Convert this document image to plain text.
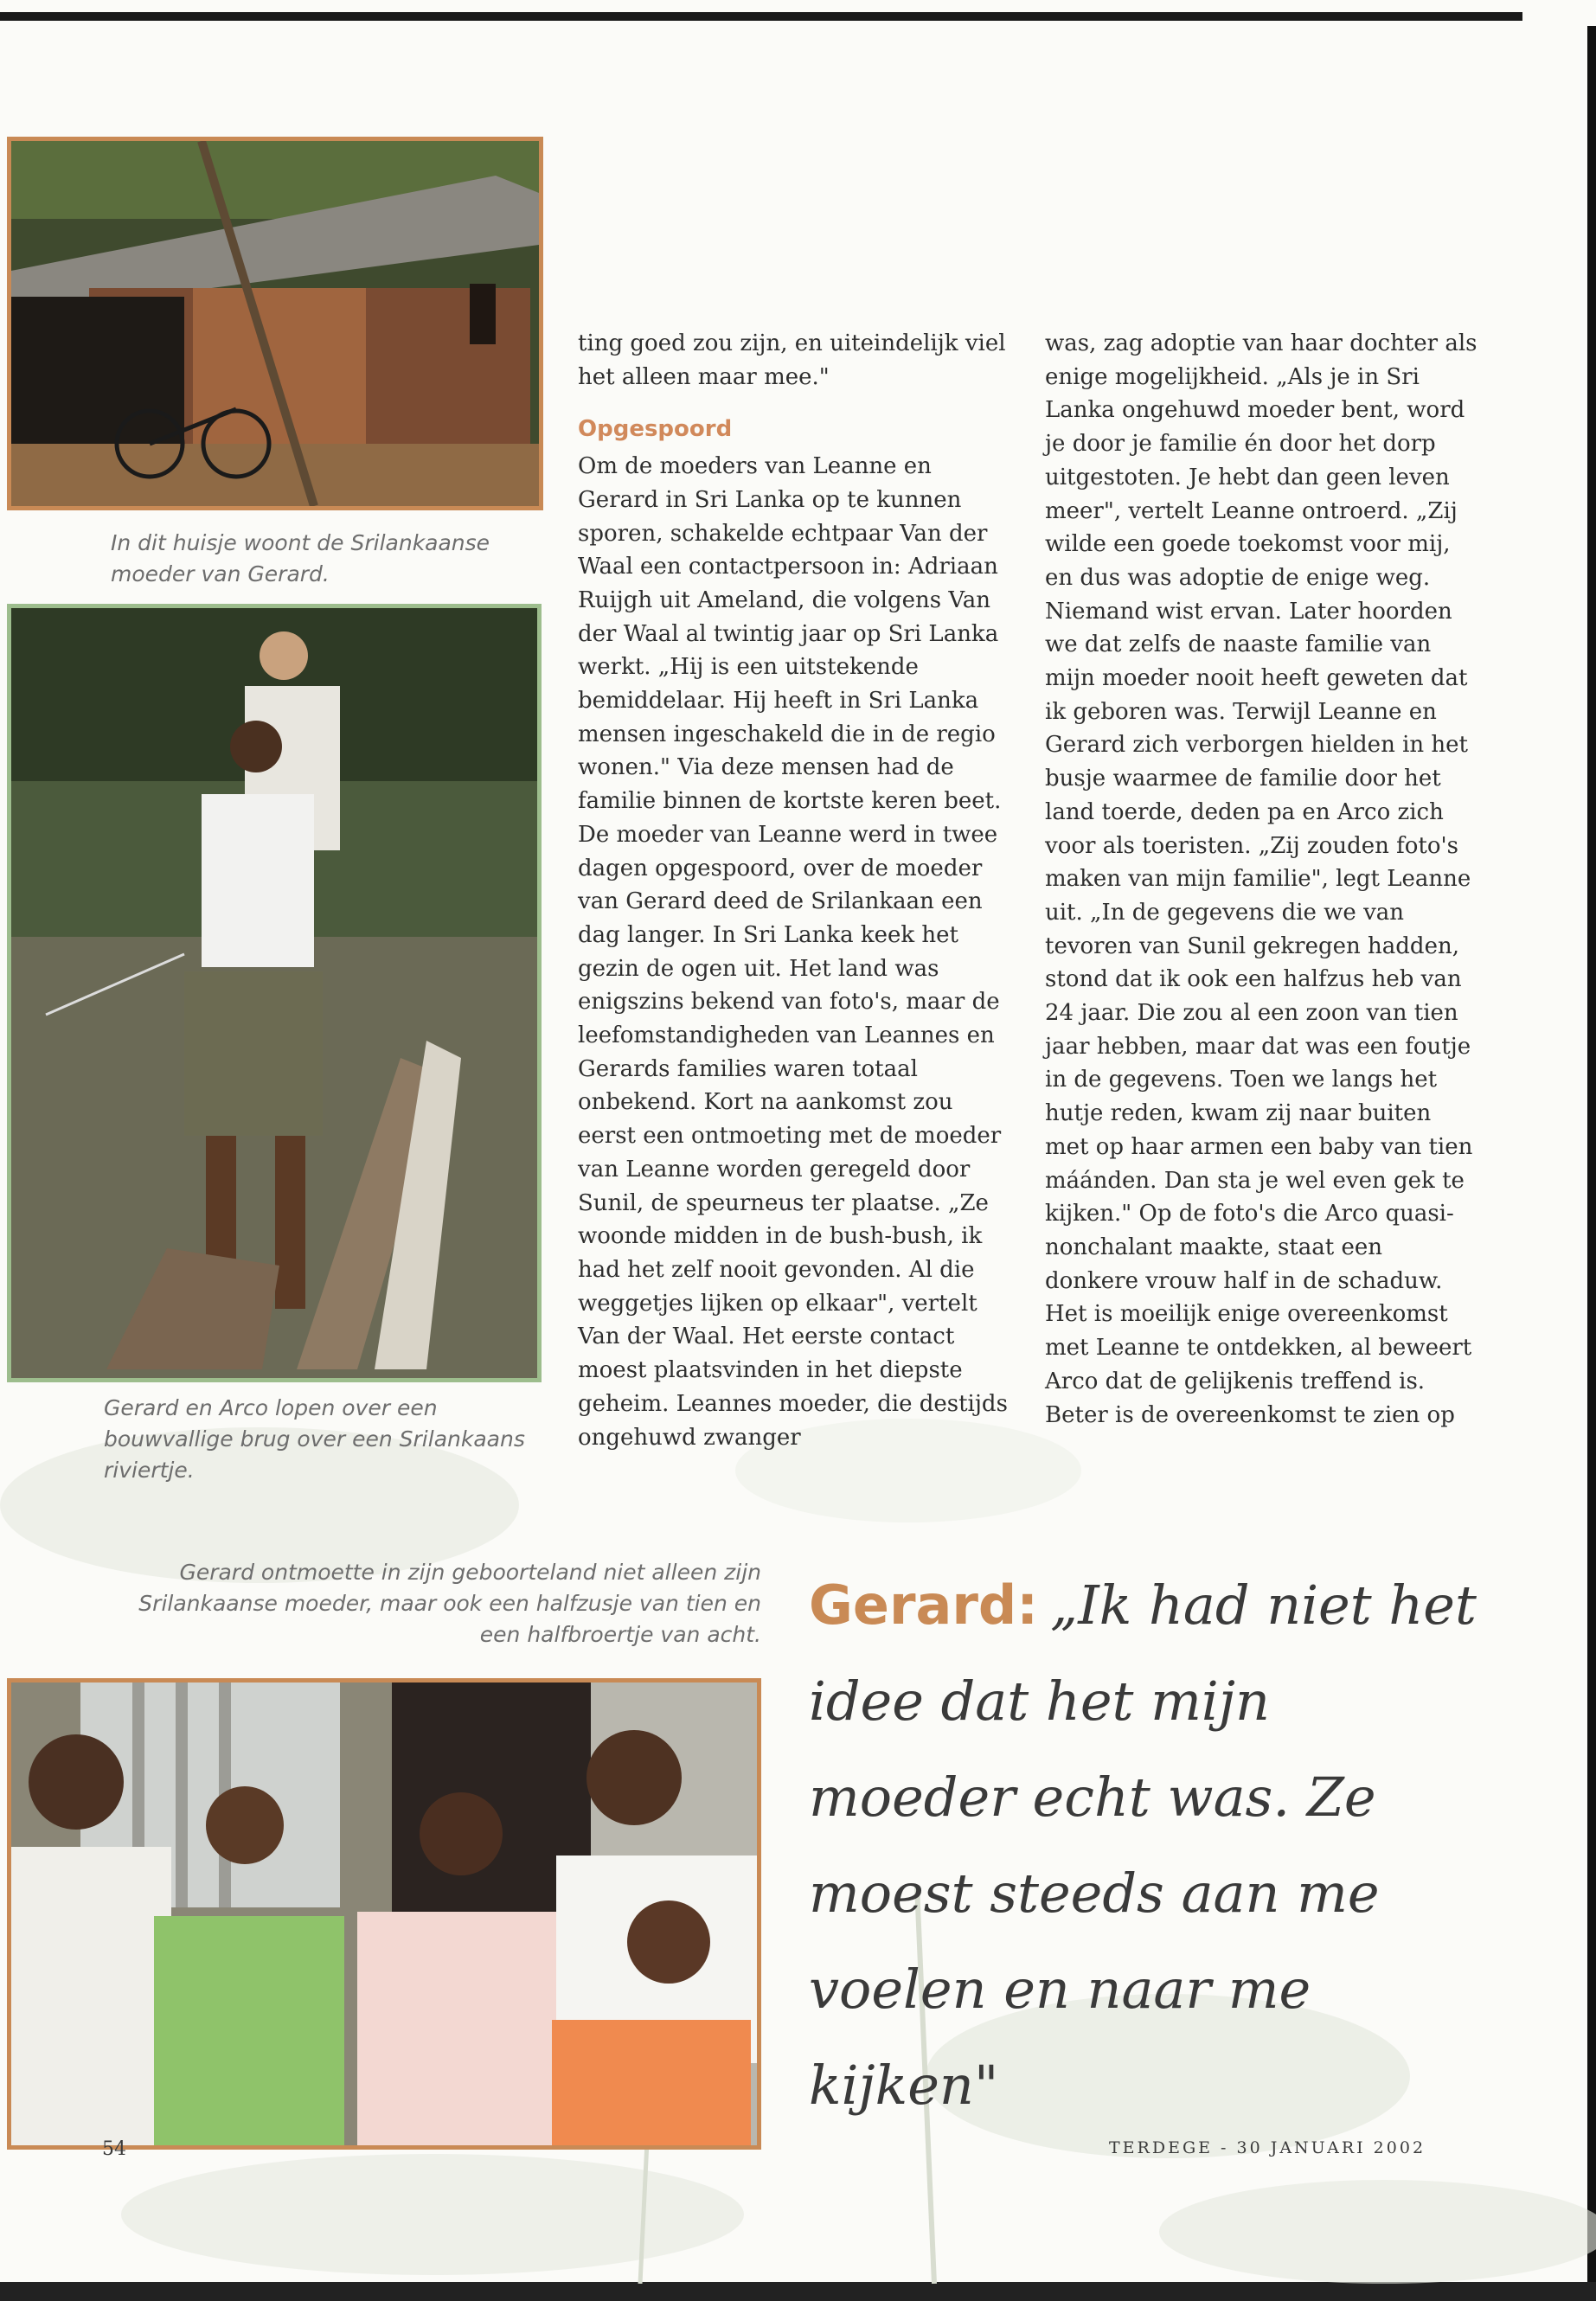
In dit huisje woont de Srilankaanse moeder van Gerard.
Gerard en Arco lopen over een bouwvallige brug over een Srilankaans riviertje.
Gerard ontmoette in zijn geboorteland niet alleen zijn Srilankaanse moeder, maar ook een halfzusje van tien en een halfbroertje van acht.

ting goed zou zijn, en uiteindelijk viel het alleen maar mee."

Opgespoord

Om de moeders van Leanne en Gerard in Sri Lanka op te kunnen sporen, schakelde echtpaar Van der Waal een contactpersoon in: Adriaan Ruijgh uit Ameland, die volgens Van der Waal al twintig jaar op Sri Lanka werkt. „Hij is een uitstekende bemiddelaar. Hij heeft in Sri Lanka mensen ingeschakeld die in de regio wonen." Via deze mensen had de familie binnen de kortste keren beet. De moeder van Leanne werd in twee dagen opgespoord, over de moeder van Gerard deed de Srilankaan een dag langer. In Sri Lanka keek het gezin de ogen uit. Het land was enigszins bekend van foto's, maar de leefomstandigheden van Leannes en Gerards families waren totaal onbekend. Kort na aankomst zou eerst een ontmoeting met de moeder van Leanne worden geregeld door Sunil, de speurneus ter plaatse. „Ze woonde midden in de bush-bush, ik had het zelf nooit gevonden. Al die weggetjes lijken op elkaar", vertelt Van der Waal. Het eerste contact moest plaatsvinden in het diepste geheim. Leannes moeder, die destijds ongehuwd zwanger

was, zag adoptie van haar dochter als enige mogelijkheid. „Als je in Sri Lanka ongehuwd moeder bent, word je door je familie én door het dorp uitgestoten. Je hebt dan geen leven meer", vertelt Leanne ontroerd. „Zij wilde een goede toekomst voor mij, en dus was adoptie de enige weg. Niemand wist ervan. Later hoorden we dat zelfs de naaste familie van mijn moeder nooit heeft geweten dat ik geboren was. Terwijl Leanne en Gerard zich verborgen hielden in het busje waarmee de familie door het land toerde, deden pa en Arco zich voor als toeristen. „Zij zouden foto's maken van mijn familie", legt Leanne uit. „In de gegevens die we van tevoren van Sunil gekregen hadden, stond dat ik ook een halfzus heb van 24 jaar. Die zou al een zoon van tien jaar hebben, maar dat was een foutje in de gegevens. Toen we langs het hutje reden, kwam zij naar buiten met op haar armen een baby van tien máánden. Dan sta je wel even gek te kijken." Op de foto's die Arco quasi-nonchalant maakte, staat een donkere vrouw half in de schaduw. Het is moeilijk enige overeenkomst met Leanne te ontdekken, al beweert Arco dat de gelijkenis treffend is. Beter is de overeenkomst te zien op

Gerard: „Ik had niet het idee dat het mijn moeder echt was. Ze moest steeds aan me voelen en naar me kijken"
54	TERDEGE - 30 JANUARI 2002
